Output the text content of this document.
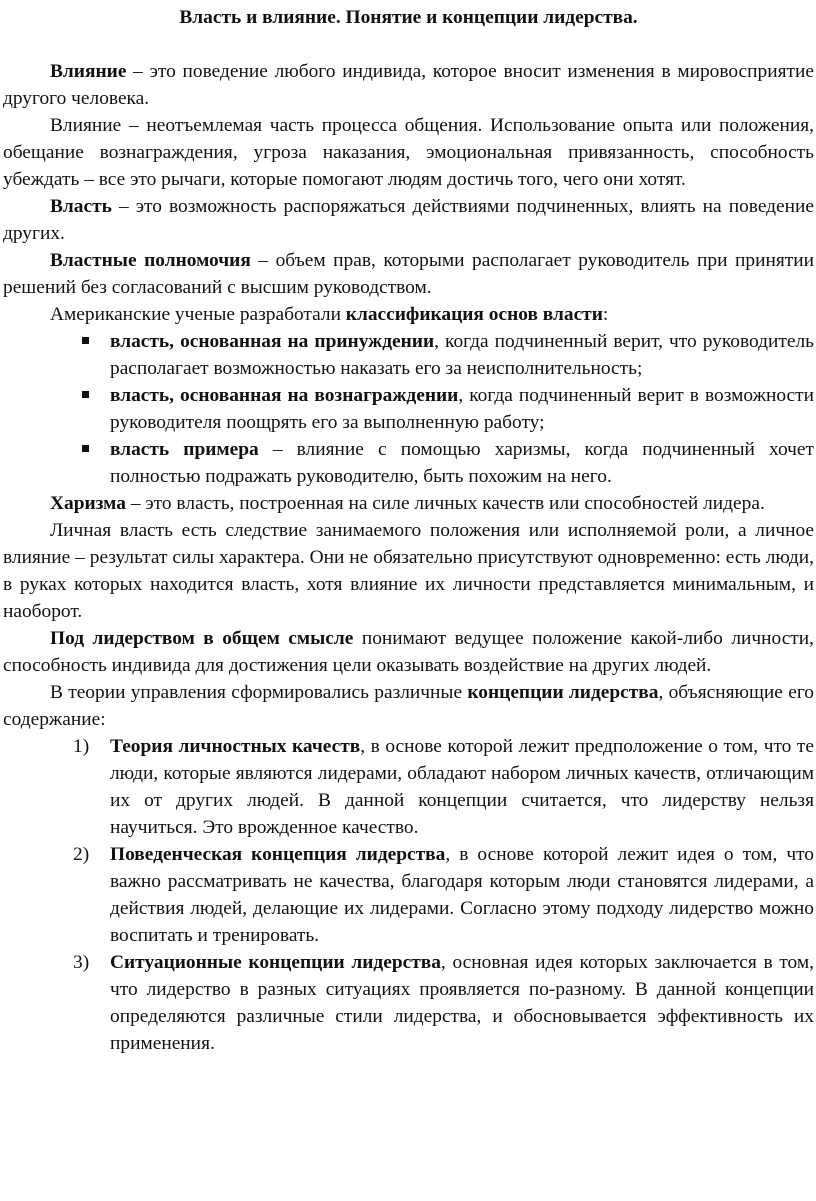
Власть и влияние. Понятие и концепции лидерства.

Влияние – это поведение любого индивида, которое вносит изменения в мировосприятие другого человека.

Влияние – неотъемлемая часть процесса общения. Использование опыта или положения, обещание вознаграждения, угроза наказания, эмоциональная привязанность, способность убеждать – все это рычаги, которые помогают людям достичь того, чего они хотят.

Власть – это возможность распоряжаться действиями подчиненных, влиять на поведение других.

Властные полномочия – объем прав, которыми располагает руководитель при принятии решений без согласований с высшим руководством.

Американские ученые разработали классификация основ власти:

власть, основанная на принуждении, когда подчиненный верит, что руководитель располагает возможностью наказать его за неисполнительность;
власть, основанная на вознаграждении, когда подчиненный верит в возможности руководителя поощрять его за выполненную работу;
власть примера – влияние с помощью харизмы, когда подчиненный хочет полностью подражать руководителю, быть похожим на него.

Харизма – это власть, построенная на силе личных качеств или способностей лидера.

Личная власть есть следствие занимаемого положения или исполняемой роли, а личное влияние – результат силы характера. Они не обязательно присутствуют одновременно: есть люди, в руках которых находится власть, хотя влияние их личности представляется минимальным, и наоборот.

Под лидерством в общем смысле понимают ведущее положение какой-либо личности, способность индивида для достижения цели оказывать воздействие на других людей.

В теории управления сформировались различные концепции лидерства, объясняющие его содержание:

1) Теория личностных качеств, в основе которой лежит предположение о том, что те люди, которые являются лидерами, обладают набором личных качеств, отличающим их от других людей. В данной концепции считается, что лидерству нельзя научиться. Это врожденное качество.
2) Поведенческая концепция лидерства, в основе которой лежит идея о том, что важно рассматривать не качества, благодаря которым люди становятся лидерами, а действия людей, делающие их лидерами. Согласно этому подходу лидерство можно воспитать и тренировать.
3) Ситуационные концепции лидерства, основная идея которых заключается в том, что лидерство в разных ситуациях проявляется по-разному. В данной концепции определяются различные стили лидерства, и обосновывается эффективность их применения.
